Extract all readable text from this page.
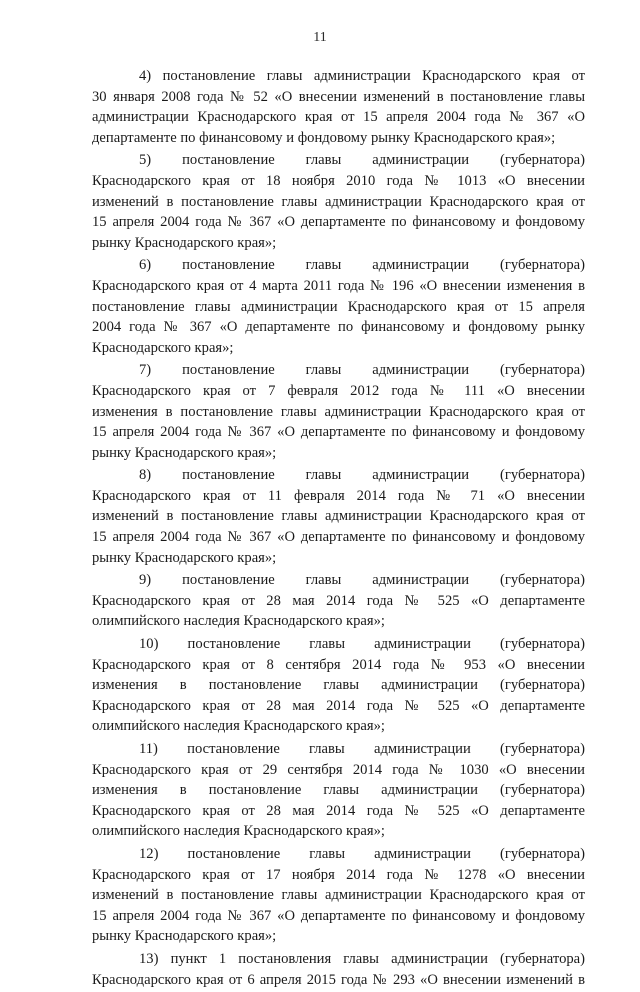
11
4) постановление главы администрации Краснодарского края от
30 января 2008 года № 52 «О внесении изменений в постановление главы
администрации Краснодарского края от 15 апреля 2004 года № 367 «О
департаменте по финансовому и фондовому рынку Краснодарского края»;
5) постановление главы администрации (губернатора)
Краснодарского края от 18 ноября 2010 года № 1013 «О внесении
изменений в постановление главы администрации Краснодарского края от
15 апреля 2004 года № 367 «О департаменте по финансовому и фондовому
рынку Краснодарского края»;
6) постановление главы администрации (губернатора)
Краснодарского края от 4 марта 2011 года № 196 «О внесении изменения в
постановление главы администрации Краснодарского края от 15 апреля
2004 года № 367 «О департаменте по финансовому и фондовому рынку
Краснодарского края»;
7) постановление главы администрации (губернатора)
Краснодарского края от 7 февраля 2012 года № 111 «О внесении
изменения в постановление главы администрации Краснодарского края от
15 апреля 2004 года № 367 «О департаменте по финансовому и фондовому
рынку Краснодарского края»;
8) постановление главы администрации (губернатора)
Краснодарского края от 11 февраля 2014 года № 71 «О внесении
изменений в постановление главы администрации Краснодарского края от
15 апреля 2004 года № 367 «О департаменте по финансовому и фондовому
рынку Краснодарского края»;
9) постановление главы администрации (губернатора)
Краснодарского края от 28 мая 2014 года № 525 «О департаменте
олимпийского наследия Краснодарского края»;
10) постановление главы администрации (губернатора)
Краснодарского края от 8 сентября 2014 года № 953 «О внесении
изменения в постановление главы администрации (губернатора)
Краснодарского края от 28 мая 2014 года № 525 «О департаменте
олимпийского наследия Краснодарского края»;
11) постановление главы администрации (губернатора)
Краснодарского края от 29 сентября 2014 года № 1030 «О внесении
изменения в постановление главы администрации (губернатора)
Краснодарского края от 28 мая 2014 года № 525 «О департаменте
олимпийского наследия Краснодарского края»;
12) постановление главы администрации (губернатора)
Краснодарского края от 17 ноября 2014 года № 1278 «О внесении
изменений в постановление главы администрации Краснодарского края от
15 апреля 2004 года № 367 «О департаменте по финансовому и фондовому
рынку Краснодарского края»;
13) пункт 1 постановления главы администрации (губернатора)
Краснодарского края от 6 апреля 2015 года № 293 «О внесении изменений в
